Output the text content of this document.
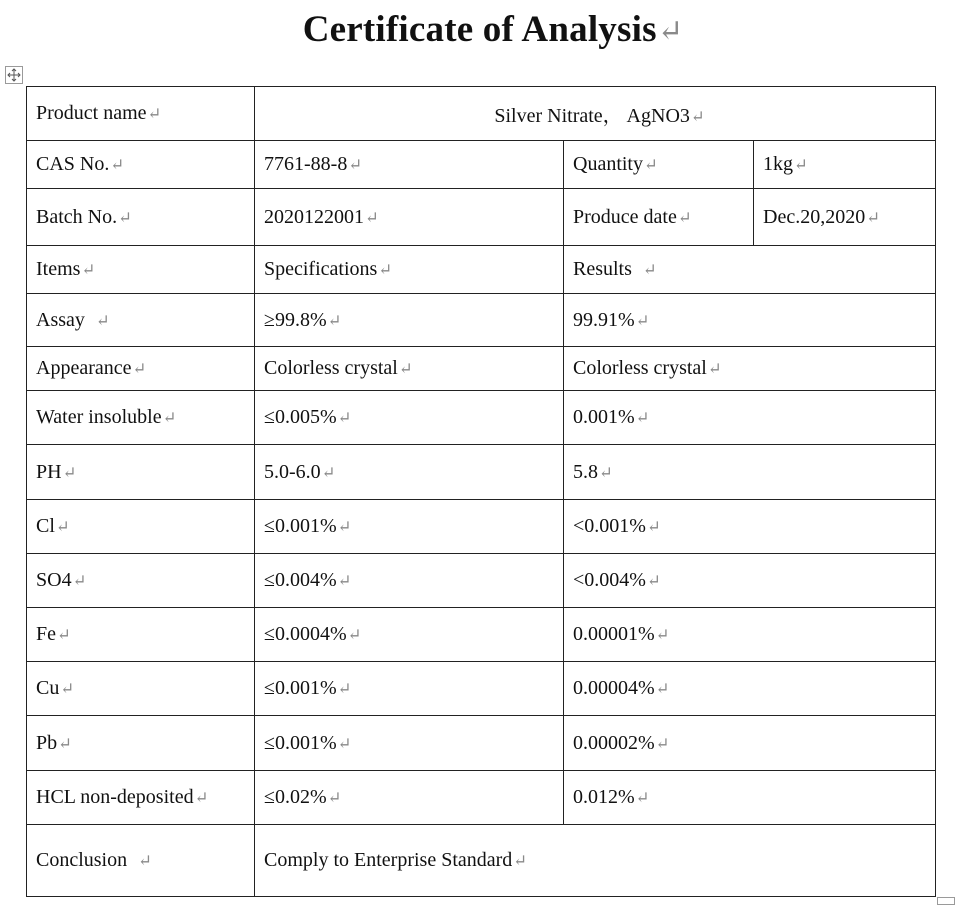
Certificate of Analysis↵
Product name↵	Silver Nitrate， AgNO3↵		
CAS No.↵	7761-88-8↵	Quantity↵	1kg↵
Batch No.↵	2020122001↵	Produce date↵	Dec.20,2020↵
Items↵	Specifications↵	Results ↵	
Assay ↵	≥99.8%↵	99.91%↵	
Appearance↵	Colorless crystal↵	Colorless crystal↵	
Water insoluble↵	≤0.005%↵	0.001%↵	
PH↵	5.0-6.0↵	5.8↵	
Cl↵	≤0.001%↵	<0.001%↵	
SO4↵	≤0.004%↵	<0.004%↵	
Fe↵	≤0.0004%↵	0.00001%↵	
Cu↵	≤0.001%↵	0.00004%↵	
Pb↵	≤0.001%↵	0.00002%↵	
HCL non-deposited↵	≤0.02%↵	0.012%↵	
Conclusion ↵	Comply to Enterprise Standard↵		
